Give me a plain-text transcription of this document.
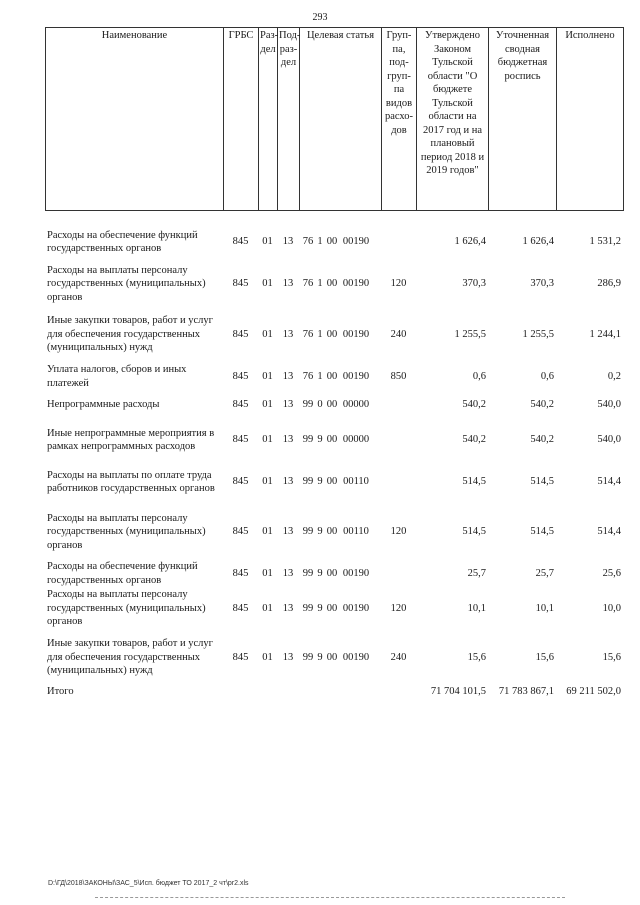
293
Наименование	ГРБС	Раз-дел	Под-раз-дел	Целевая статья	Груп-па, под-груп-па видов расхо-дов	Утверждено Законом Тульской области "О бюджете Тульской области на 2017 год и на плановый период 2018 и 2019 годов"	Уточненная сводная бюджетная роспись	Исполнено
Расходы на обеспечение функций государственных органов	845	01	13	76 1 00 00190		1 626,4	1 626,4	1 531,2
Расходы на выплаты персоналу государственных (муниципальных) органов	845	01	13	76 1 00 00190	120	370,3	370,3	286,9
Иные закупки товаров, работ и услуг для обеспечения государственных (муниципальных) нужд	845	01	13	76 1 00 00190	240	1 255,5	1 255,5	1 244,1
Уплата налогов, сборов и иных платежей	845	01	13	76 1 00 00190	850	0,6	0,6	0,2
Непрограммные расходы	845	01	13	99 0 00 00000		540,2	540,2	540,0
Иные непрограммные мероприятия в рамках непрограммных расходов	845	01	13	99 9 00 00000		540,2	540,2	540,0
Расходы на выплаты по оплате труда работников государственных органов	845	01	13	99 9 00 00110		514,5	514,5	514,4
Расходы на выплаты персоналу государственных (муниципальных) органов	845	01	13	99 9 00 00110	120	514,5	514,5	514,4
Расходы на обеспечение функций государственных органов	845	01	13	99 9 00 00190		25,7	25,7	25,6
Расходы на выплаты персоналу государственных (муниципальных) органов	845	01	13	99 9 00 00190	120	10,1	10,1	10,0
Иные закупки товаров, работ и услуг для обеспечения государственных (муниципальных) нужд	845	01	13	99 9 00 00190	240	15,6	15,6	15,6
Итого						71 704 101,5	71 783 867,1	69 211 502,0
D:\ГД\2018\ЗАКОНЫ\ЗАС_5\Исп. бюджет ТО 2017_2 чт\pr2.xls
